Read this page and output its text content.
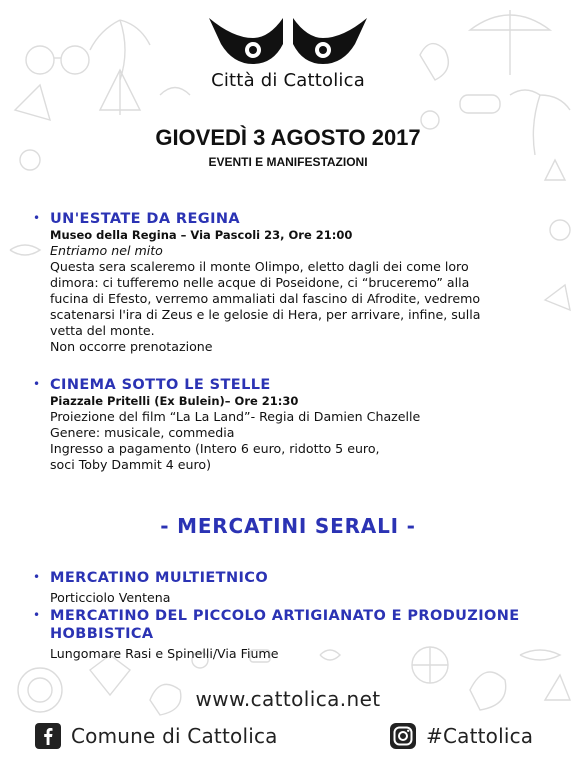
Città di Cattolica
GIOVEDÌ 3 AGOSTO 2017
EVENTI E MANIFESTAZIONI
• UN'ESTATE DA REGINA
Museo della Regina – Via Pascoli 23, Ore 21:00
Entriamo nel mito
Questa sera scaleremo il monte Olimpo, eletto dagli dei come loro
dimora: ci tufferemo nelle acque di Poseidone, ci “bruceremo” alla
fucina di Efesto, verremo ammaliati dal fascino di Afrodite, vedremo
scatenarsi l'ira di Zeus e le gelosie di Hera, per arrivare, infine, sulla
vetta del monte.
Non occorre prenotazione
• CINEMA SOTTO LE STELLE
Piazzale Pritelli (Ex Bulein)– Ore 21:30
Proiezione del film “La La Land”- Regia di Damien Chazelle
Genere: musicale, commedia
Ingresso a pagamento (Intero 6 euro, ridotto 5 euro,
soci Toby Dammit 4 euro)
- MERCATINI SERALI -
• MERCATINO MULTIETNICO
Porticciolo Ventena
• MERCATINO DEL PICCOLO ARTIGIANATO E PRODUZIONE
HOBBISTICA
Lungomare Rasi e Spinelli/Via Fiume
www.cattolica.net
Comune di Cattolica	#Cattolica
